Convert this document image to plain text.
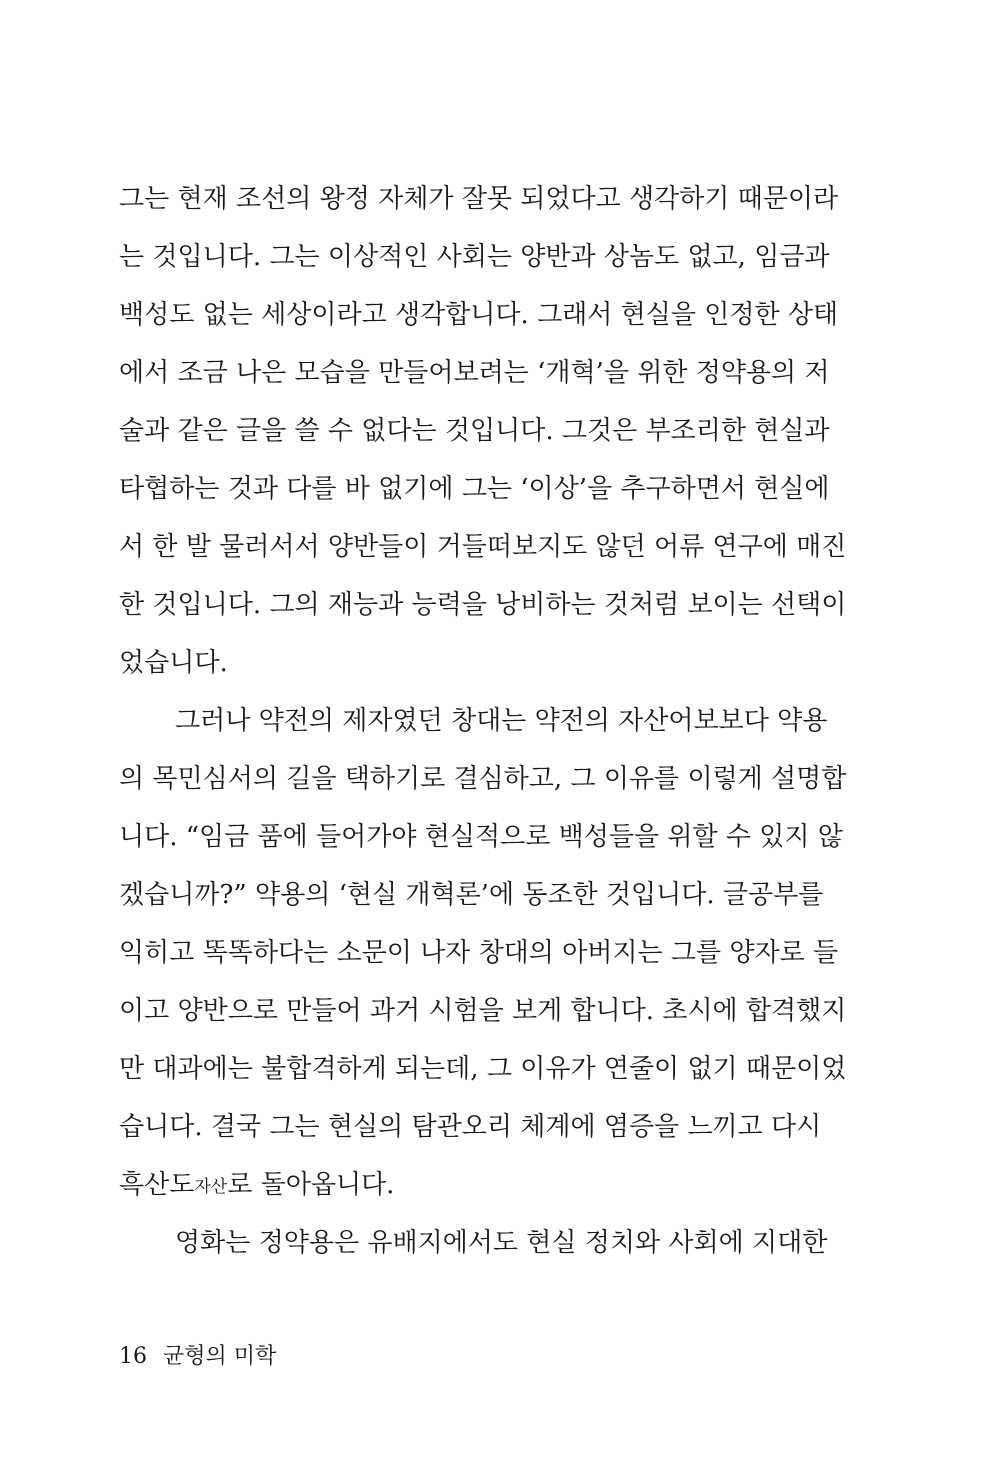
그는 현재 조선의 왕정 자체가 잘못 되었다고 생각하기 때문이라
는 것입니다. 그는 이상적인 사회는 양반과 상놈도 없고, 임금과
백성도 없는 세상이라고 생각합니다. 그래서 현실을 인정한 상태
에서 조금 나은 모습을 만들어보려는 ‘개혁’을 위한 정약용의 저
술과 같은 글을 쓸 수 없다는 것입니다. 그것은 부조리한 현실과
타협하는 것과 다를 바 없기에 그는 ‘이상’을 추구하면서 현실에
서 한 발 물러서서 양반들이 거들떠보지도 않던 어류 연구에 매진
한 것입니다. 그의 재능과 능력을 낭비하는 것처럼 보이는 선택이
었습니다.
그러나 약전의 제자였던 창대는 약전의 자산어보보다 약용
의 목민심서의 길을 택하기로 결심하고, 그 이유를 이렇게 설명합
니다. “임금 품에 들어가야 현실적으로 백성들을 위할 수 있지 않
겠습니까?” 약용의 ‘현실 개혁론’에 동조한 것입니다. 글공부를
익히고 똑똑하다는 소문이 나자 창대의 아버지는 그를 양자로 들
이고 양반으로 만들어 과거 시험을 보게 합니다. 초시에 합격했지
만 대과에는 불합격하게 되는데, 그 이유가 연줄이 없기 때문이었
습니다. 결국 그는 현실의 탐관오리 체계에 염증을 느끼고 다시
흑산도자산로 돌아옵니다.
영화는 정약용은 유배지에서도 현실 정치와 사회에 지대한
16 균형의 미학
